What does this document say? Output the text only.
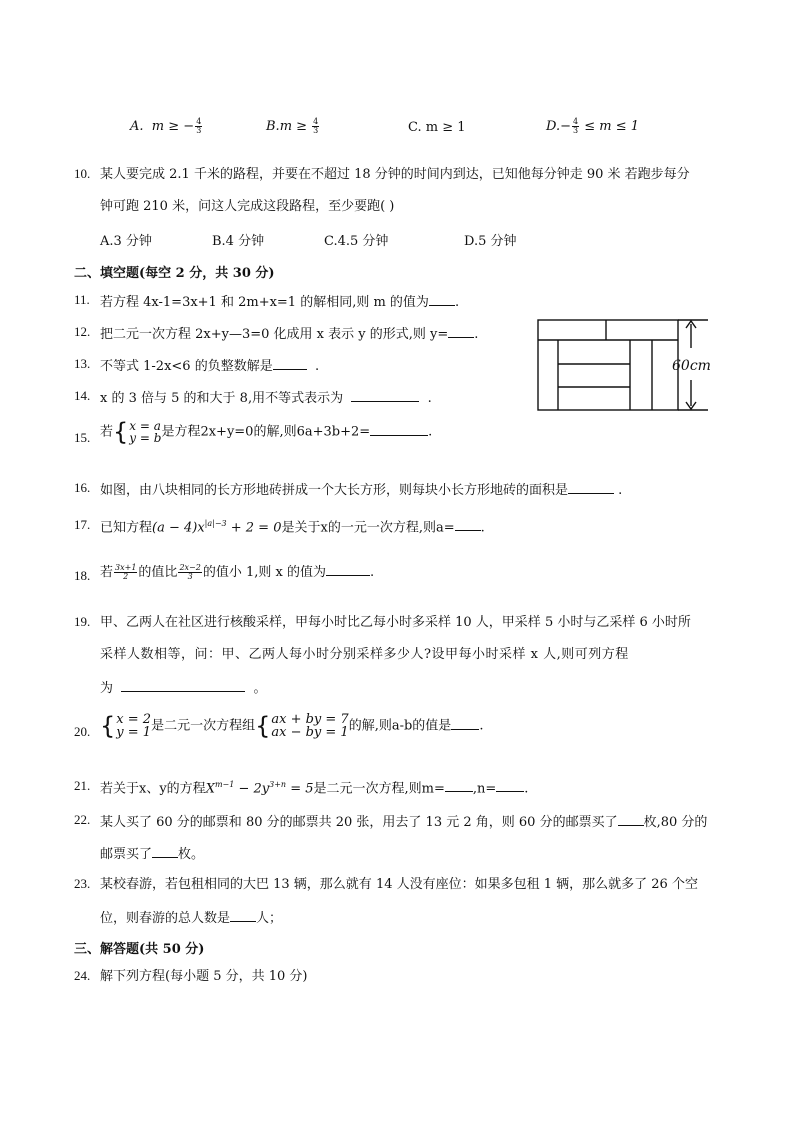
A. m ≥ − $\frac{4}{3}$	$B.m \ge \frac{4}{3}$	C. m ≥ 1	$D.- \frac{4}{3} \le m \le 1$
10. 某人要完成 2.1 千米的路程，并要在不超过 18 分钟的时间内到达，已知他每分钟走 90 米 若跑步每分
钟可跑 210 米，问这人完成这段路程，至少要跑( )
A.3 分钟	B.4 分钟	C.4.5 分钟	D.5 分钟
二、填空题(每空 2 分，共 30 分)
11. 若方程 4x-1=3x+1 和 2m+x=1 的解相同,则 m 的值为 .
12. 把二元一次方程 2x+y—3=0 化成用 x 表示 y 的形式,则 y= .
13. 不等式 1-2x<6 的负整数解是	.
14. x 的 3 倍与 5 的和大于 8,用不等式表示为	.
60cm
15. 若{ x = a
y = b 是方程2x+y=0的解,则6a+3b+2=	.
16. 如图，由八块相同的长方形地砖拼成一个大长方形，则每块小长方形地砖的面积是	.
17. 已知方程$(a - 4)x^{|a|-3} + 2 = 0$是关于x的一元一次方程,则a= .
18. 若 $\frac{3x+1}{2}$ 的值比 $\frac{2x-2}{3}$ 的值小 1,则 x 的值为	.
19. 甲、乙两人在社区进行核酸采样，甲每小时比乙每小时多采样 10 人，甲采样 5 小时与乙采样 6 小时所
采样人数相等，问：甲、乙两人每小时分别采样多少人?设甲每小时采样 x 人,则可列方程
为	。
20. { x = 2
y = 1 是二元一次方程组{ ax + by = 7
ax − by = 1 的解,则a-b的值是 .
21. 若关于x、y的方程$X^{m-1} - 2y^{3+n} = 5$是二元一次方程,则m= ,n= .
22. 某人买了 60 分的邮票和 80 分的邮票共 20 张，用去了 13 元 2 角，则 60 分的邮票买了 枚,80 分的
邮票买了 枚。
23. 某校春游，若包租相同的大巴 13 辆，那么就有 14 人没有座位：如果多包租 1 辆，那么就多了 26 个空
位，则春游的总人数是 人；
三、解答题(共 50 分)
24. 解下列方程(每小题 5 分，共 10 分)
